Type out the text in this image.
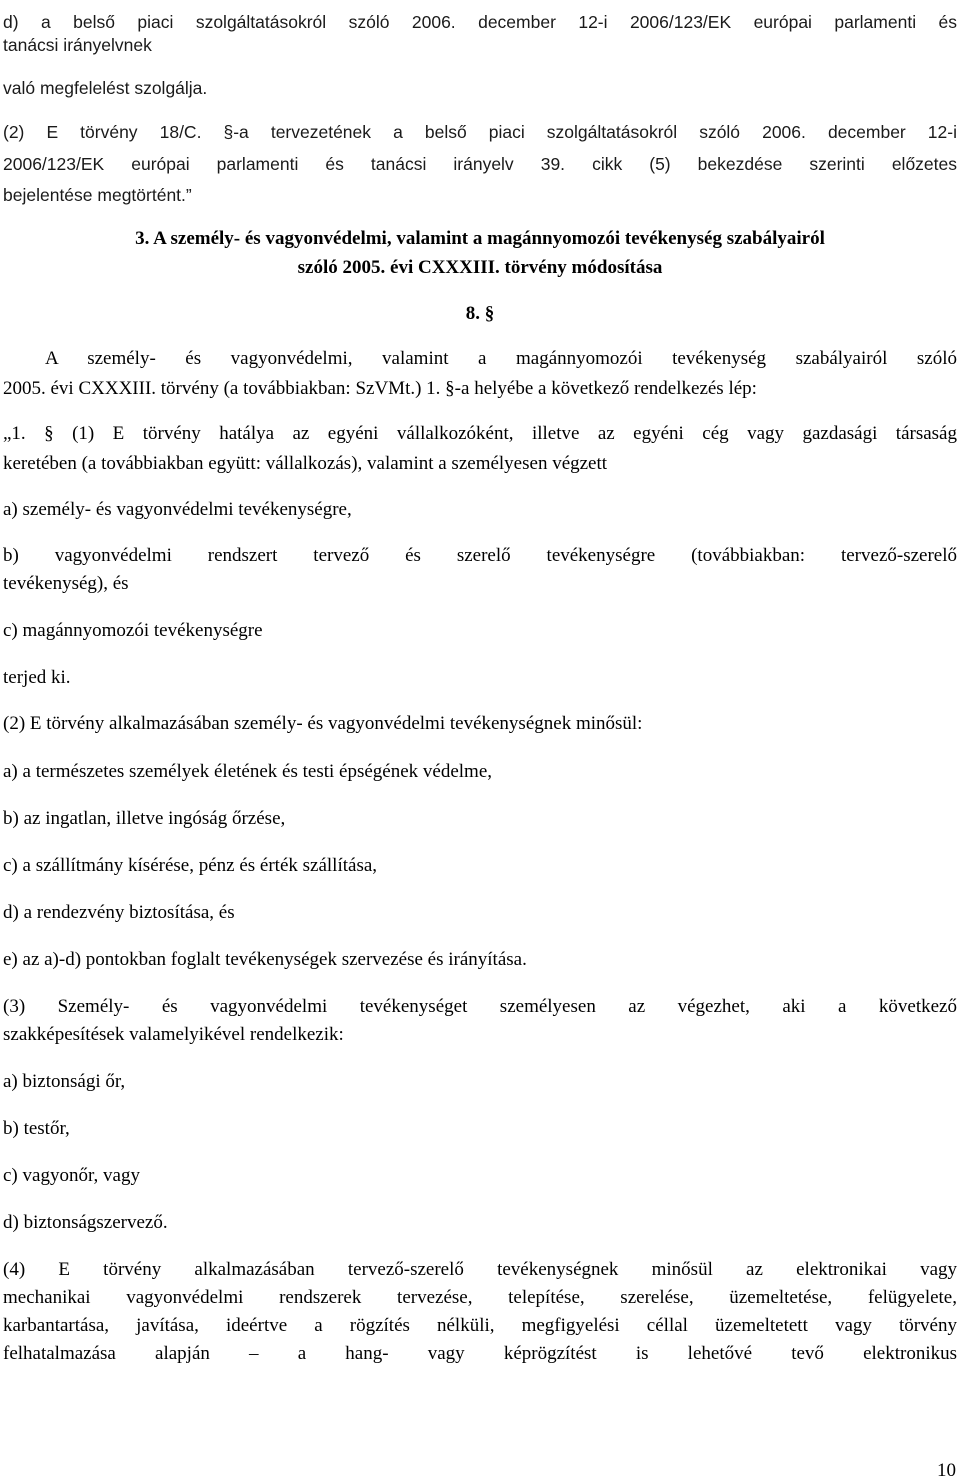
d) a belső piaci szolgáltatásokról szóló 2006. december 12-i 2006/123/EK európai parlamenti és
tanácsi irányelvnek
való megfelelést szolgálja.
(2) E törvény 18/C. §-a tervezetének a belső piaci szolgáltatásokról szóló 2006. december 12-i
2006/123/EK európai parlamenti és tanácsi irányelv 39. cikk (5) bekezdése szerinti előzetes
bejelentése megtörtént.”
3. A személy- és vagyonvédelmi, valamint a magánnyomozói tevékenység szabályairól
szóló 2005. évi CXXXIII. törvény módosítása
8. §
A személy- és vagyonvédelmi, valamint a magánnyomozói tevékenység szabályairól szóló
2005. évi CXXXIII. törvény (a továbbiakban: SzVMt.) 1. §-a helyébe a következő rendelkezés lép:
„1. § (1) E törvény hatálya az egyéni vállalkozóként, illetve az egyéni cég vagy gazdasági társaság
keretében (a továbbiakban együtt: vállalkozás), valamint a személyesen végzett
a) személy- és vagyonvédelmi tevékenységre,
b) vagyonvédelmi rendszert tervező és szerelő tevékenységre (továbbiakban: tervező-szerelő
tevékenység), és
c) magánnyomozói tevékenységre
terjed ki.
(2) E törvény alkalmazásában személy- és vagyonvédelmi tevékenységnek minősül:
a) a természetes személyek életének és testi épségének védelme,
b) az ingatlan, illetve ingóság őrzése,
c) a szállítmány kísérése, pénz és érték szállítása,
d) a rendezvény biztosítása, és
e) az a)-d) pontokban foglalt tevékenységek szervezése és irányítása.
(3) Személy- és vagyonvédelmi tevékenységet személyesen az végezhet, aki a következő
szakképesítések valamelyikével rendelkezik:
a) biztonsági őr,
b) testőr,
c) vagyonőr, vagy
d) biztonságszervező.
(4) E törvény alkalmazásában tervező-szerelő tevékenységnek minősül az elektronikai vagy
mechanikai vagyonvédelmi rendszerek tervezése, telepítése, szerelése, üzemeltetése, felügyelete,
karbantartása, javítása, ideértve a rögzítés nélküli, megfigyelési céllal üzemeltetett vagy törvény
felhatalmazása alapján – a hang- vagy képrögzítést is lehetővé tevő elektronikus
10
